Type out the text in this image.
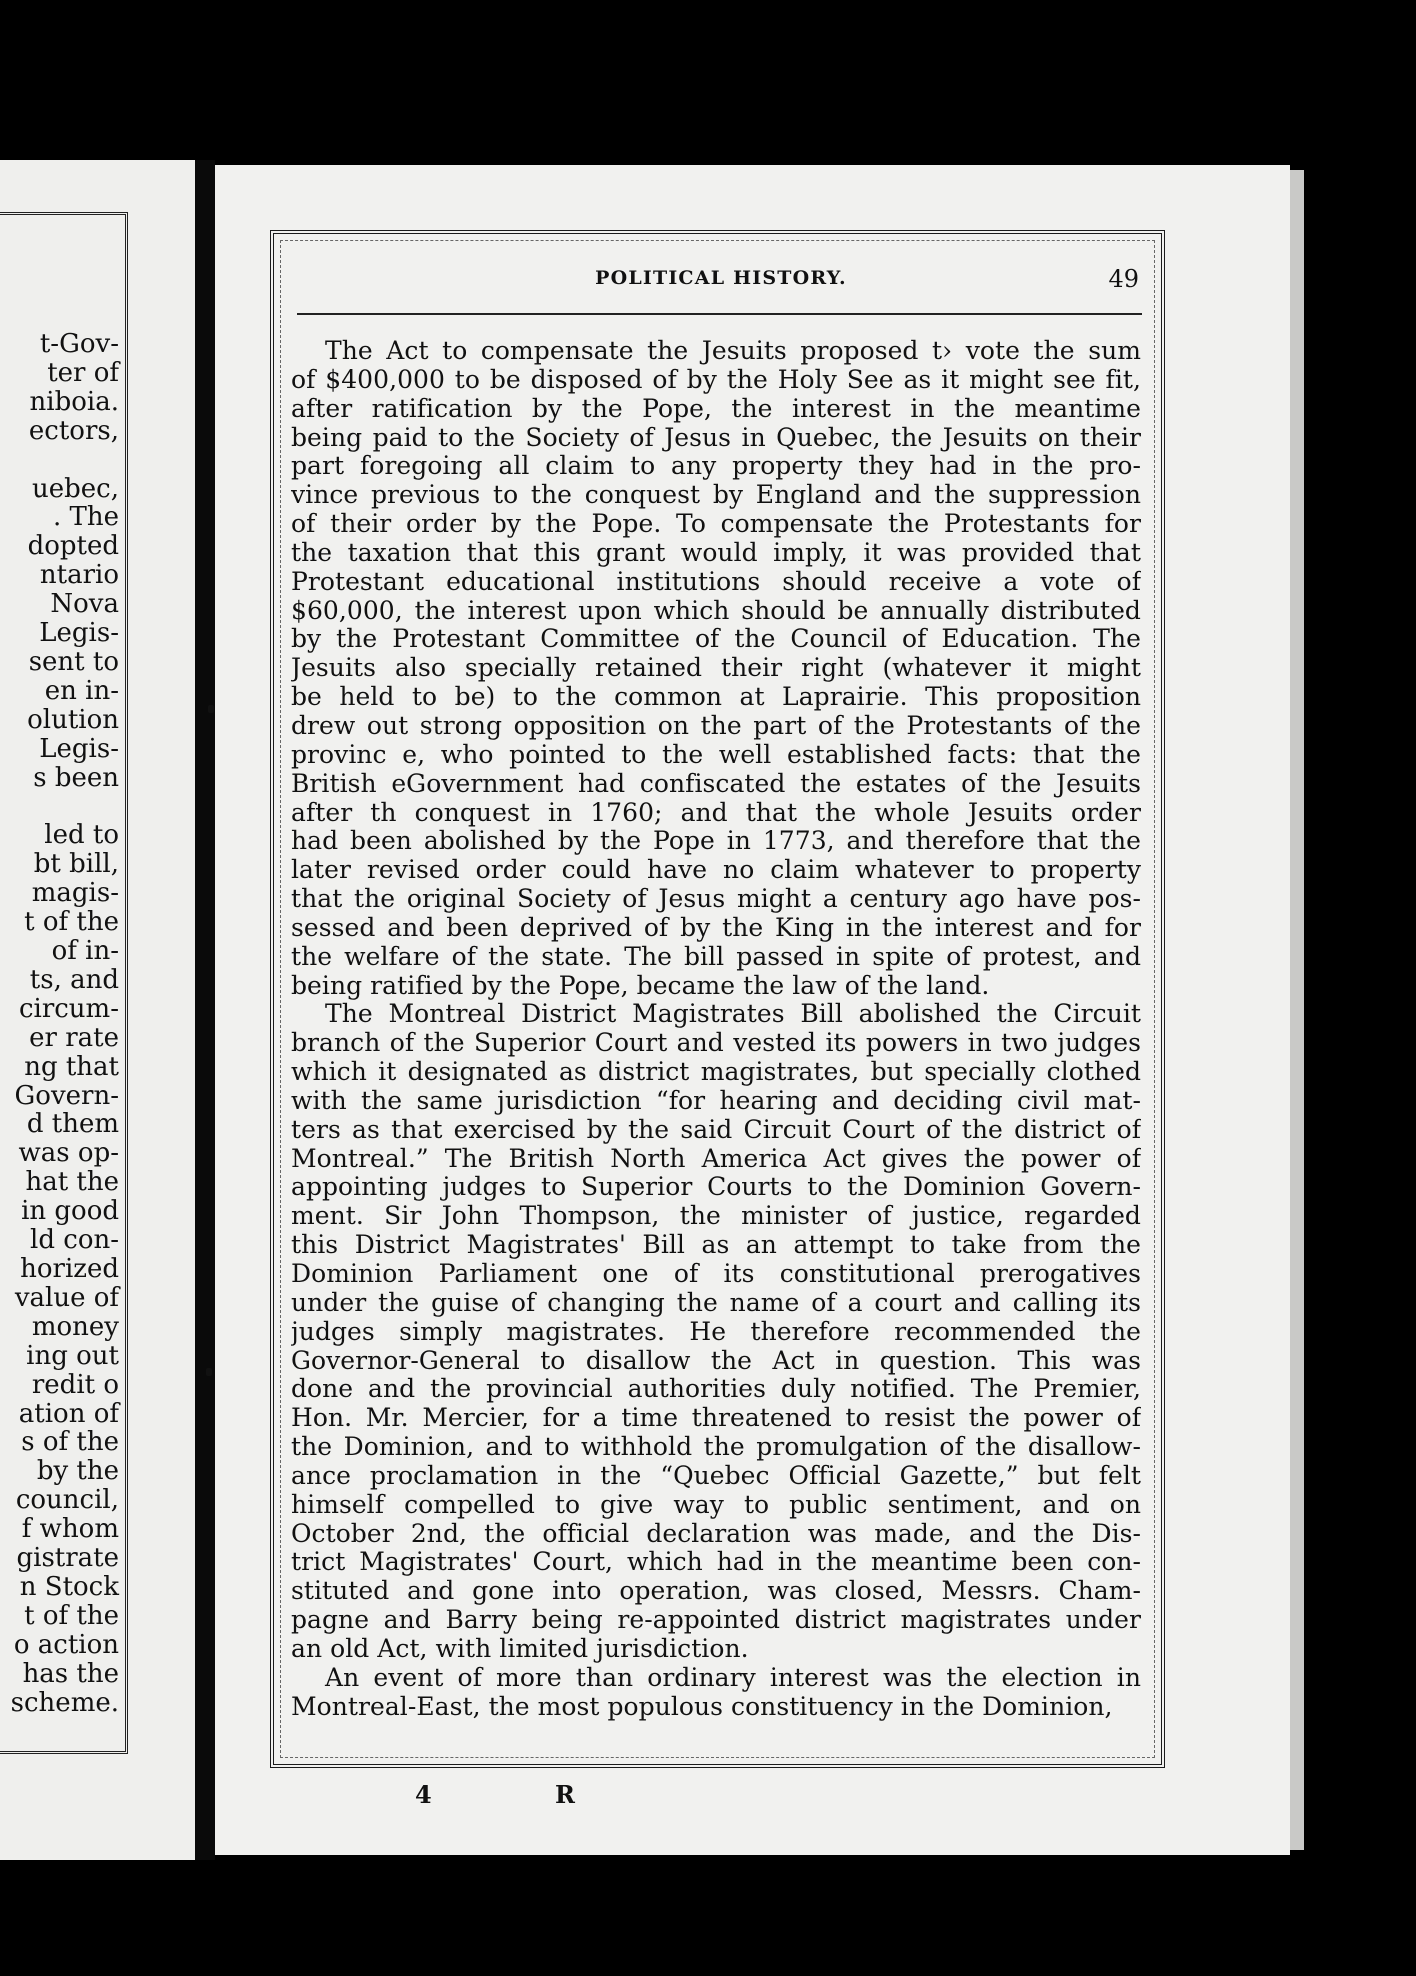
t-Gov-
ter of
niboia.
ectors,

uebec,
. The
dopted
ntario
Nova
Legis-
sent to
en in-
olution
Legis-
s been

led to
bt bill,
magis-
t of the
of in-
ts, and
circum-
er rate
ng that
Govern-
d them
was op-
hat the
in good
ld con-
horized
value of
money
ing out
redit o
ation of
s of the
by the
council,
f whom
gistrate
n Stock
t of the
o action
has the
scheme.
POLITICAL HISTORY.	49
The Act to compensate the Jesuits proposed t› vote the sum
of $400,000 to be disposed of by the Holy See as it might see fit,
after ratification by the Pope, the interest in the meantime
being paid to the Society of Jesus in Quebec, the Jesuits on their
part foregoing all claim to any property they had in the pro-
vince previous to the conquest by England and the suppression
of their order by the Pope. To compensate the Protestants for
the taxation that this grant would imply, it was provided that
Protestant educational institutions should receive a vote of
$60,000, the interest upon which should be annually distributed
by the Protestant Committee of the Council of Education. The
Jesuits also specially retained their right (whatever it might
be held to be) to the common at Laprairie. This proposition
drew out strong opposition on the part of the Protestants of the
provinc e, who pointed to the well established facts: that the
British eGovernment had confiscated the estates of the Jesuits
after th conquest in 1760; and that the whole Jesuits order
had been abolished by the Pope in 1773, and therefore that the
later revised order could have no claim whatever to property
that the original Society of Jesus might a century ago have pos-
sessed and been deprived of by the King in the interest and for
the welfare of the state. The bill passed in spite of protest, and
being ratified by the Pope, became the law of the land.
The Montreal District Magistrates Bill abolished the Circuit
branch of the Superior Court and vested its powers in two judges
which it designated as district magistrates, but specially clothed
with the same jurisdiction “for hearing and deciding civil mat-
ters as that exercised by the said Circuit Court of the district of
Montreal.” The British North America Act gives the power of
appointing judges to Superior Courts to the Dominion Govern-
ment. Sir John Thompson, the minister of justice, regarded
this District Magistrates' Bill as an attempt to take from the
Dominion Parliament one of its constitutional prerogatives
under the guise of changing the name of a court and calling its
judges simply magistrates. He therefore recommended the
Governor-General to disallow the Act in question. This was
done and the provincial authorities duly notified. The Premier,
Hon. Mr. Mercier, for a time threatened to resist the power of
the Dominion, and to withhold the promulgation of the disallow-
ance proclamation in the “Quebec Official Gazette,” but felt
himself compelled to give way to public sentiment, and on
October 2nd, the official declaration was made, and the Dis-
trict Magistrates' Court, which had in the meantime been con-
stituted and gone into operation, was closed, Messrs. Cham-
pagne and Barry being re-appointed district magistrates under
an old Act, with limited jurisdiction.
An event of more than ordinary interest was the election in
Montreal-East, the most populous constituency in the Dominion,
4	R
